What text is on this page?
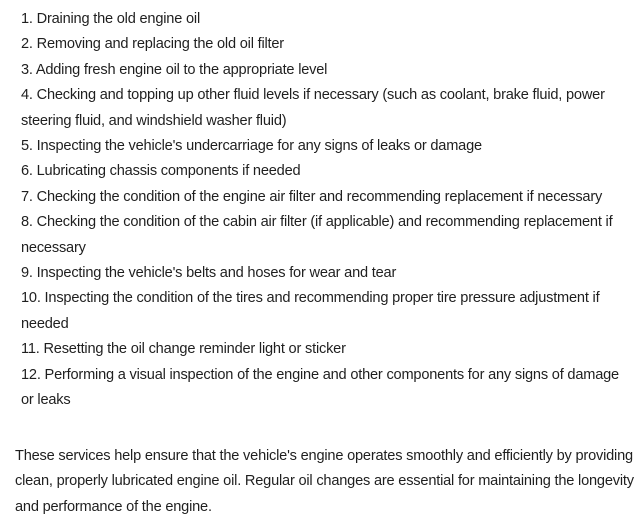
1. Draining the old engine oil
2. Removing and replacing the old oil filter
3. Adding fresh engine oil to the appropriate level
4. Checking and topping up other fluid levels if necessary (such as coolant, brake fluid, power steering fluid, and windshield washer fluid)
5. Inspecting the vehicle's undercarriage for any signs of leaks or damage
6. Lubricating chassis components if needed
7. Checking the condition of the engine air filter and recommending replacement if necessary
8. Checking the condition of the cabin air filter (if applicable) and recommending replacement if necessary
9. Inspecting the vehicle's belts and hoses for wear and tear
10. Inspecting the condition of the tires and recommending proper tire pressure adjustment if needed
11. Resetting the oil change reminder light or sticker
12. Performing a visual inspection of the engine and other components for any signs of damage or leaks

These services help ensure that the vehicle's engine operates smoothly and efficiently by providing clean, properly lubricated engine oil. Regular oil changes are essential for maintaining the longevity and performance of the engine.
